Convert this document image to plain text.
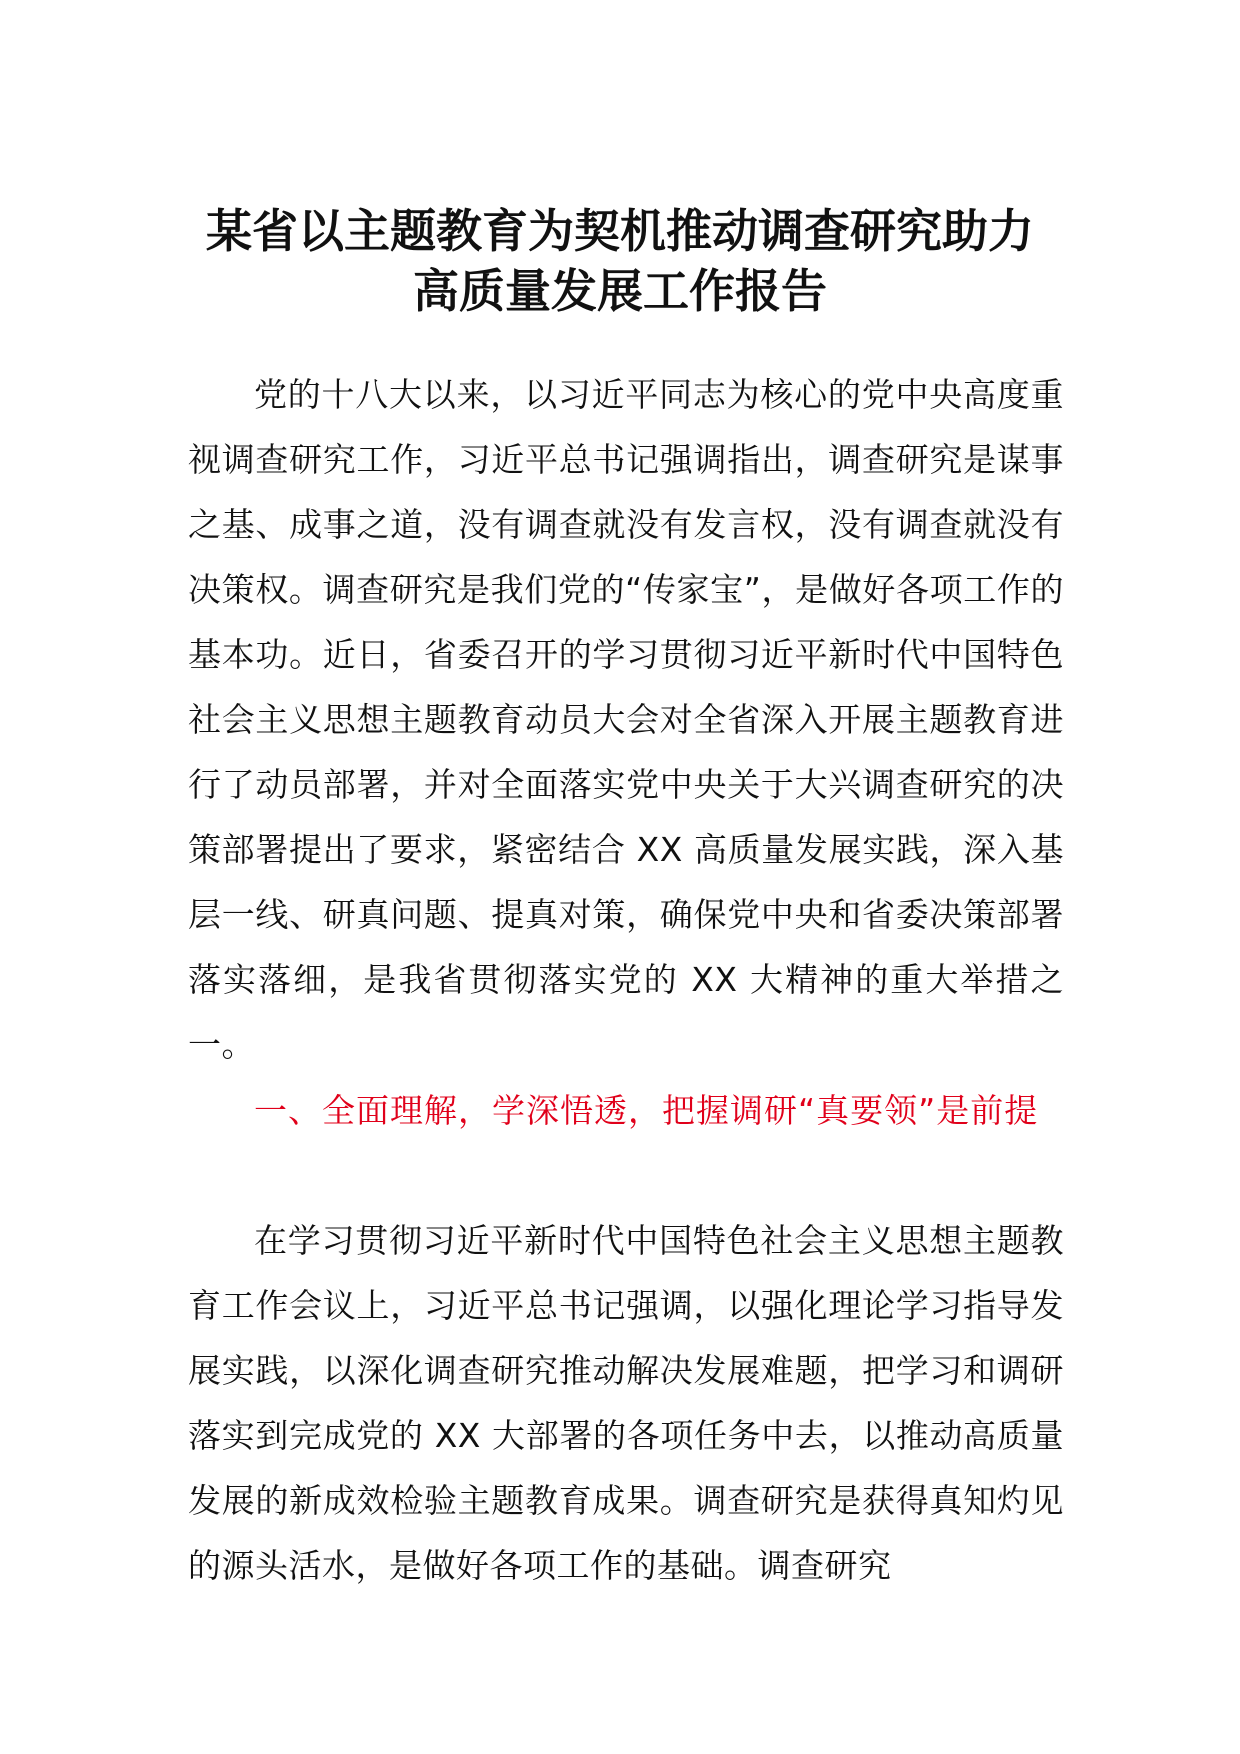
某省以主题教育为契机推动调查研究助力
高质量发展工作报告

党的十八大以来，以习近平同志为核心的党中央高度重视调查研究工作，习近平总书记强调指出，调查研究是谋事之基、成事之道，没有调查就没有发言权，没有调查就没有决策权。调查研究是我们党的“传家宝”，是做好各项工作的基本功。近日，省委召开的学习贯彻习近平新时代中国特色社会主义思想主题教育动员大会对全省深入开展主题教育进行了动员部署，并对全面落实党中央关于大兴调查研究的决策部署提出了要求，紧密结合 XX 高质量发展实践，深入基层一线、研真问题、提真对策，确保党中央和省委决策部署落实落细，是我省贯彻落实党的 XX 大精神的重大举措之一。

一、全面理解，学深悟透，把握调研“真要领”是前提

在学习贯彻习近平新时代中国特色社会主义思想主题教育工作会议上，习近平总书记强调，以强化理论学习指导发展实践，以深化调查研究推动解决发展难题，把学习和调研落实到完成党的 XX 大部署的各项任务中去，以推动高质量发展的新成效检验主题教育成果。调查研究是获得真知灼见的源头活水，是做好各项工作的基础。调查研究
